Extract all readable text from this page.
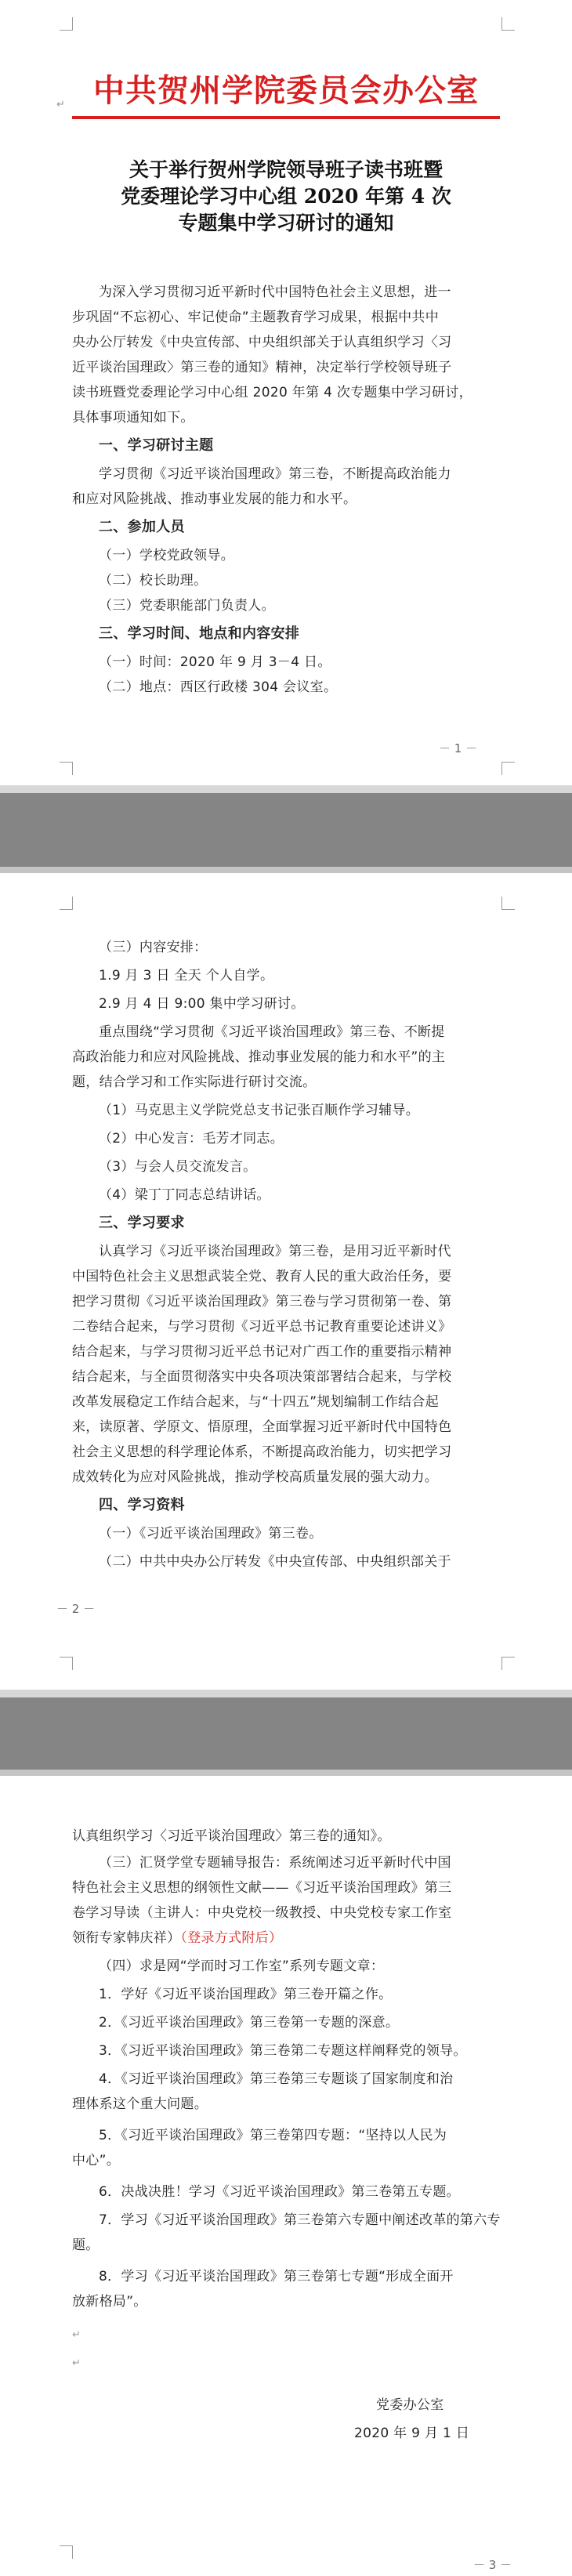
中共贺州学院委员会办公室
↵
关于举行贺州学院领导班子读书班暨
党委理论学习中心组 2020 年第 4 次
专题集中学习研讨的通知
为深入学习贯彻习近平新时代中国特色社会主义思想，进一
步巩固“不忘初心、牢记使命”主题教育学习成果，根据中共中
央办公厅转发《中央宣传部、中央组织部关于认真组织学习〈习
近平谈治国理政〉第三卷的通知》精神，决定举行学校领导班子
读书班暨党委理论学习中心组 2020 年第 4 次专题集中学习研讨，
具体事项通知如下。
一、学习研讨主题
学习贯彻《习近平谈治国理政》第三卷，不断提高政治能力
和应对风险挑战、推动事业发展的能力和水平。
二、参加人员
（一）学校党政领导。
（二）校长助理。
（三）党委职能部门负责人。
三、学习时间、地点和内容安排
（一）时间：2020 年 9 月 3－4 日。
（二）地点：西区行政楼 304 会议室。
－ 1 －
（三）内容安排：
1.9 月 3 日 全天 个人自学。
2.9 月 4 日 9:00 集中学习研讨。
重点围绕“学习贯彻《习近平谈治国理政》第三卷、不断提
高政治能力和应对风险挑战、推动事业发展的能力和水平”的主
题，结合学习和工作实际进行研讨交流。
（1）马克思主义学院党总支书记张百顺作学习辅导。
（2）中心发言：毛芳才同志。
（3）与会人员交流发言。
（4）梁丁丁同志总结讲话。
三、学习要求
认真学习《习近平谈治国理政》第三卷，是用习近平新时代
中国特色社会主义思想武装全党、教育人民的重大政治任务，要
把学习贯彻《习近平谈治国理政》第三卷与学习贯彻第一卷、第
二卷结合起来，与学习贯彻《习近平总书记教育重要论述讲义》
结合起来，与学习贯彻习近平总书记对广西工作的重要指示精神
结合起来，与全面贯彻落实中央各项决策部署结合起来，与学校
改革发展稳定工作结合起来，与“十四五”规划编制工作结合起
来，读原著、学原文、悟原理，全面掌握习近平新时代中国特色
社会主义思想的科学理论体系，不断提高政治能力，切实把学习
成效转化为应对风险挑战，推动学校高质量发展的强大动力。
四、学习资料
（一）《习近平谈治国理政》第三卷。
（二）中共中央办公厅转发《中央宣传部、中央组织部关于
－ 2 －
认真组织学习〈习近平谈治国理政〉第三卷的通知》。
（三）汇贤学堂专题辅导报告：系统阐述习近平新时代中国
特色社会主义思想的纲领性文献——《习近平谈治国理政》第三
卷学习导读（主讲人：中央党校一级教授、中央党校专家工作室
领衔专家韩庆祥）（登录方式附后）
（四）求是网“学而时习工作室”系列专题文章：
1．学好《习近平谈治国理政》第三卷开篇之作。
2．《习近平谈治国理政》第三卷第一专题的深意。
3．《习近平谈治国理政》第三卷第二专题这样阐释党的领导。
4．《习近平谈治国理政》第三卷第三专题谈了国家制度和治
理体系这个重大问题。
5．《习近平谈治国理政》第三卷第四专题：“坚持以人民为
中心”。
6．决战决胜！学习《习近平谈治国理政》第三卷第五专题。
7．学习《习近平谈治国理政》第三卷第六专题中阐述改革的第六专
题。
8．学习《习近平谈治国理政》第三卷第七专题“形成全面开
放新格局”。
↵
↵
党委办公室
2020 年 9 月 1 日
－ 3 －
